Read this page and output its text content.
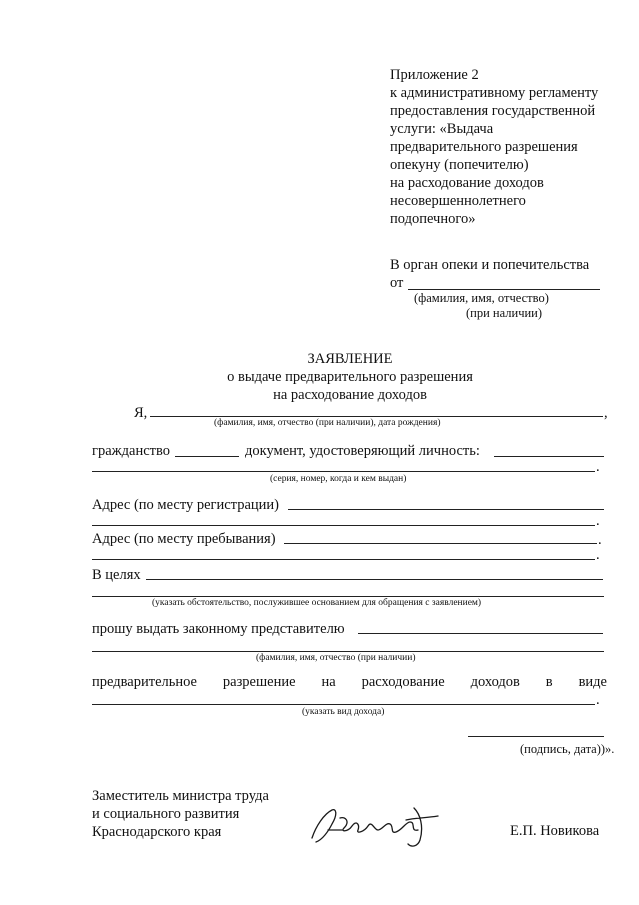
Приложение 2
к административному регламенту
предоставления государственной
услуги: «Выдача
предварительного разрешения
опекуну (попечителю)
на расходование доходов
несовершеннолетнего
подопечного»
В орган опеки и попечительства
от
(фамилия, имя, отчество)
(при наличии)
ЗАЯВЛЕНИЕ
о выдаче предварительного разрешения
на расходование доходов
Я,	,
(фамилия, имя, отчество (при наличии), дата рождения)
гражданство	документ, удостоверяющий личность:
.
(серия, номер, когда и кем выдан)
Адрес (по месту регистрации)
.
Адрес (по месту пребывания)	.
.
В целях
(указать обстоятельство, послужившее основанием для обращения с заявлением)
прошу выдать законному представителю
(фамилия, имя, отчество (при наличии)
предварительное разрешение на расходование доходов в виде
.
(указать вид дохода)
(подпись, дата))».
Заместитель министра труда
и социального развития
Краснодарского края	Е.П. Новикова
